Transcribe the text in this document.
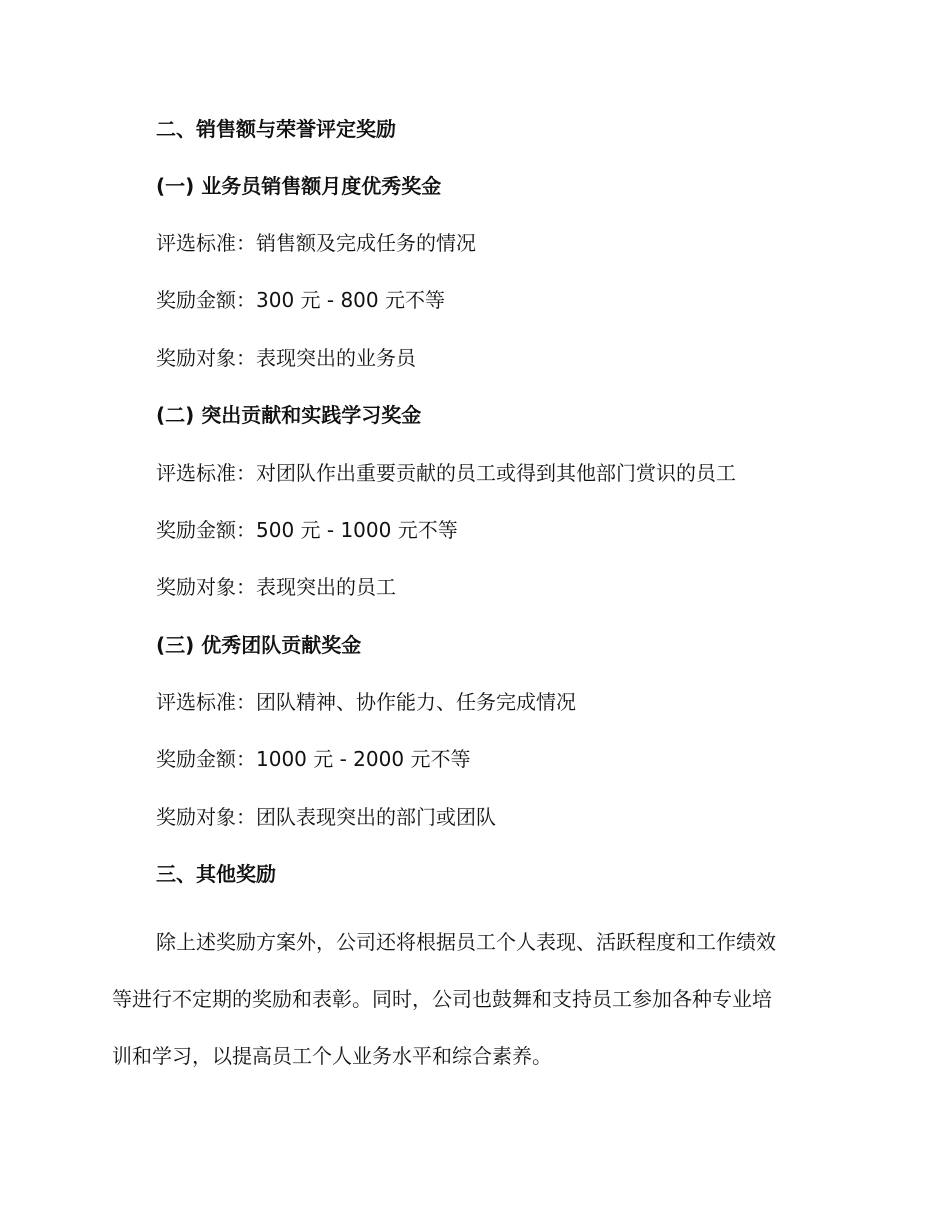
二、销售额与荣誉评定奖励
(一) 业务员销售额月度优秀奖金
评选标准：销售额及完成任务的情况
奖励金额：300 元 - 800 元不等
奖励对象：表现突出的业务员
(二) 突出贡献和实践学习奖金
评选标准：对团队作出重要贡献的员工或得到其他部门赏识的员工
奖励金额：500 元 - 1000 元不等
奖励对象：表现突出的员工
(三) 优秀团队贡献奖金
评选标准：团队精神、协作能力、任务完成情况
奖励金额：1000 元 - 2000 元不等
奖励对象：团队表现突出的部门或团队
三、其他奖励
除上述奖励方案外，公司还将根据员工个人表现、活跃程度和工作绩效
等进行不定期的奖励和表彰。同时，公司也鼓舞和支持员工参加各种专业培
训和学习，以提高员工个人业务水平和综合素养。
